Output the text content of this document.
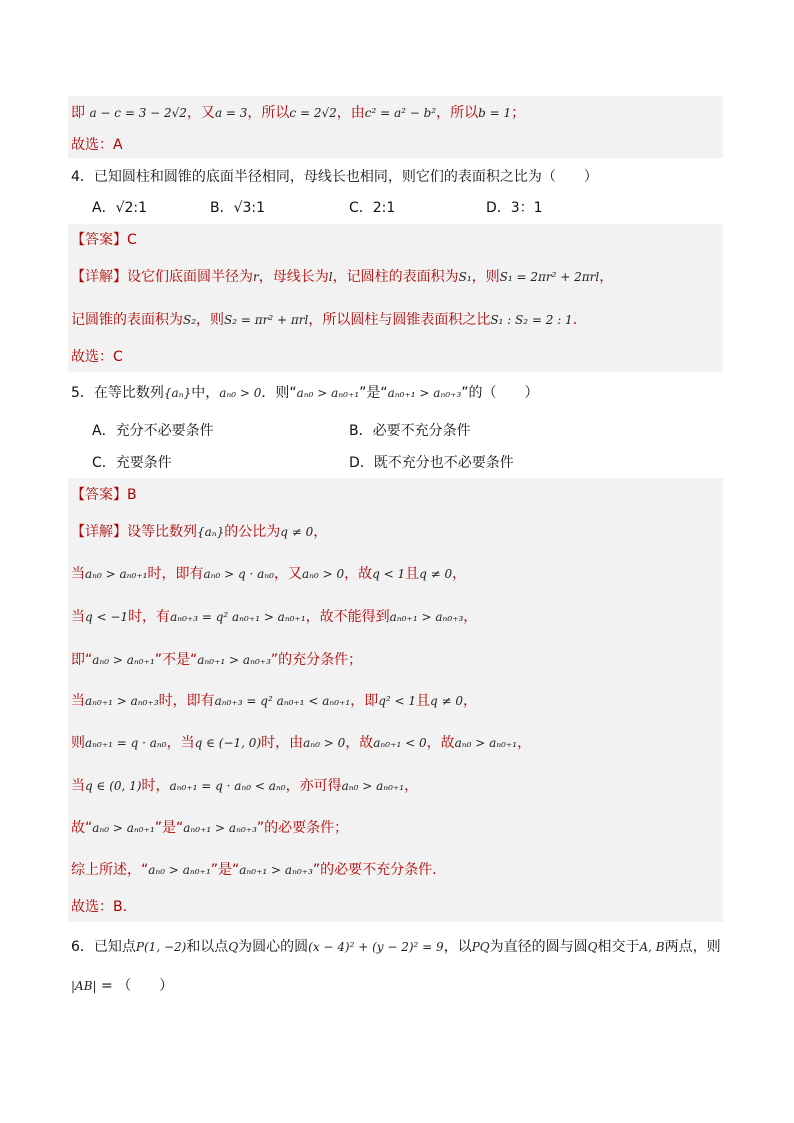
即 a − c = 3 − 2√2，又a = 3，所以c = 2√2，由c² = a² − b²，所以b = 1；
故选：A
4．已知圆柱和圆锥的底面半径相同，母线长也相同，则它们的表面积之比为（　　）
A．√2:1	B．√3:1	C．2:1	D．3：1
【答案】C
【详解】设它们底面圆半径为r，母线长为l，记圆柱的表面积为S₁，则S₁ = 2πr² + 2πrl，
记圆锥的表面积为S₂，则S₂ = πr² + πrl，所以圆柱与圆锥表面积之比S₁ : S₂ = 2 : 1.
故选：C
5．在等比数列{aₙ}中，aₙ₀ > 0．则“aₙ₀ > aₙ₀₊₁”是“aₙ₀₊₁ > aₙ₀₊₃”的（　　）
A．充分不必要条件	B．必要不充分条件
C．充要条件	D．既不充分也不必要条件
【答案】B
【详解】设等比数列{aₙ}的公比为q ≠ 0，
当aₙ₀ > aₙ₀₊₁时，即有aₙ₀ > q · aₙ₀，又aₙ₀ > 0，故q < 1且q ≠ 0，
当q < −1时，有aₙ₀₊₃ = q² aₙ₀₊₁ > aₙ₀₊₁，故不能得到aₙ₀₊₁ > aₙ₀₊₃，
即“aₙ₀ > aₙ₀₊₁”不是“aₙ₀₊₁ > aₙ₀₊₃”的充分条件；
当aₙ₀₊₁ > aₙ₀₊₃时，即有aₙ₀₊₃ = q² aₙ₀₊₁ < aₙ₀₊₁，即q² < 1且q ≠ 0，
则aₙ₀₊₁ = q · aₙ₀，当q ∈ (−1, 0)时，由aₙ₀ > 0，故aₙ₀₊₁ < 0，故aₙ₀ > aₙ₀₊₁，
当q ∈ (0, 1)时，aₙ₀₊₁ = q · aₙ₀ < aₙ₀，亦可得aₙ₀ > aₙ₀₊₁，
故“aₙ₀ > aₙ₀₊₁”是“aₙ₀₊₁ > aₙ₀₊₃”的必要条件；
综上所述，“aₙ₀ > aₙ₀₊₁”是“aₙ₀₊₁ > aₙ₀₊₃”的必要不充分条件.
故选：B.
6．已知点P(1, −2)和以点Q为圆心的圆(x − 4)² + (y − 2)² = 9，以PQ为直径的圆与圆Q相交于A, B两点，则
|AB| = （　　）
